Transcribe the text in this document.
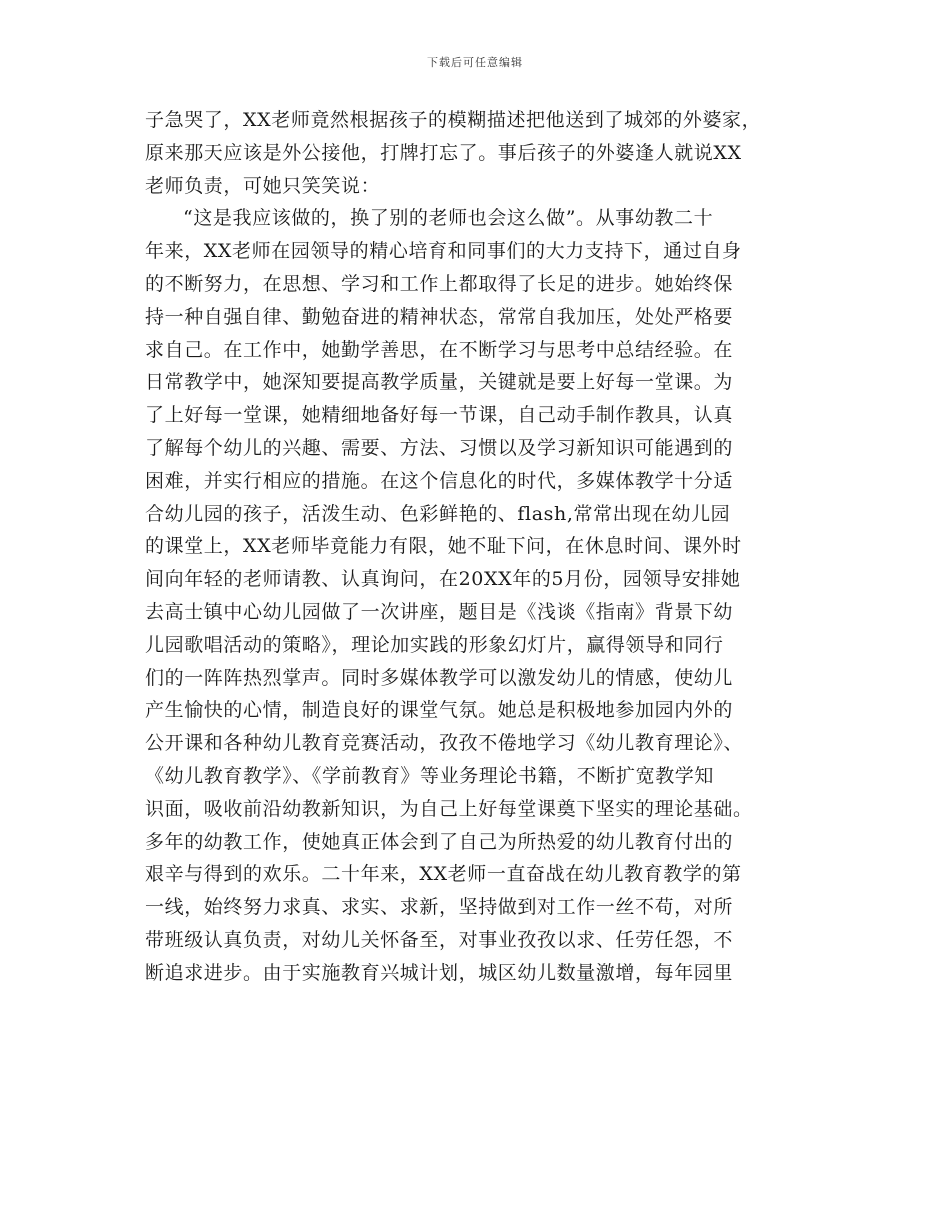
下载后可任意编辑
子急哭了，XX老师竟然根据孩子的模糊描述把他送到了城郊的外婆家，
原来那天应该是外公接他，打牌打忘了。事后孩子的外婆逢人就说XX
老师负责，可她只笑笑说：
“这是我应该做的，换了别的老师也会这么做”。从事幼教二十
年来，XX老师在园领导的精心培育和同事们的大力支持下，通过自身
的不断努力，在思想、学习和工作上都取得了长足的进步。她始终保
持一种自强自律、勤勉奋进的精神状态，常常自我加压，处处严格要
求自己。在工作中，她勤学善思，在不断学习与思考中总结经验。在
日常教学中，她深知要提高教学质量，关键就是要上好每一堂课。为
了上好每一堂课，她精细地备好每一节课，自己动手制作教具，认真
了解每个幼儿的兴趣、需要、方法、习惯以及学习新知识可能遇到的
困难，并实行相应的措施。在这个信息化的时代，多媒体教学十分适
合幼儿园的孩子，活泼生动、色彩鲜艳的、flash,常常出现在幼儿园
的课堂上，XX老师毕竟能力有限，她不耻下问，在休息时间、课外时
间向年轻的老师请教、认真询问，在20XX年的5月份，园领导安排她
去高士镇中心幼儿园做了一次讲座，题目是《浅谈《指南》背景下幼
儿园歌唱活动的策略》，理论加实践的形象幻灯片，赢得领导和同行
们的一阵阵热烈掌声。同时多媒体教学可以激发幼儿的情感，使幼儿
产生愉快的心情，制造良好的课堂气氛。她总是积极地参加园内外的
公开课和各种幼儿教育竞赛活动，孜孜不倦地学习《幼儿教育理论》、
《幼儿教育教学》、《学前教育》等业务理论书籍，不断扩宽教学知
识面，吸收前沿幼教新知识，为自己上好每堂课奠下坚实的理论基础。
多年的幼教工作，使她真正体会到了自己为所热爱的幼儿教育付出的
艰辛与得到的欢乐。二十年来，XX老师一直奋战在幼儿教育教学的第
一线，始终努力求真、求实、求新，坚持做到对工作一丝不苟，对所
带班级认真负责，对幼儿关怀备至，对事业孜孜以求、任劳任怨，不
断追求进步。由于实施教育兴城计划，城区幼儿数量激增，每年园里
